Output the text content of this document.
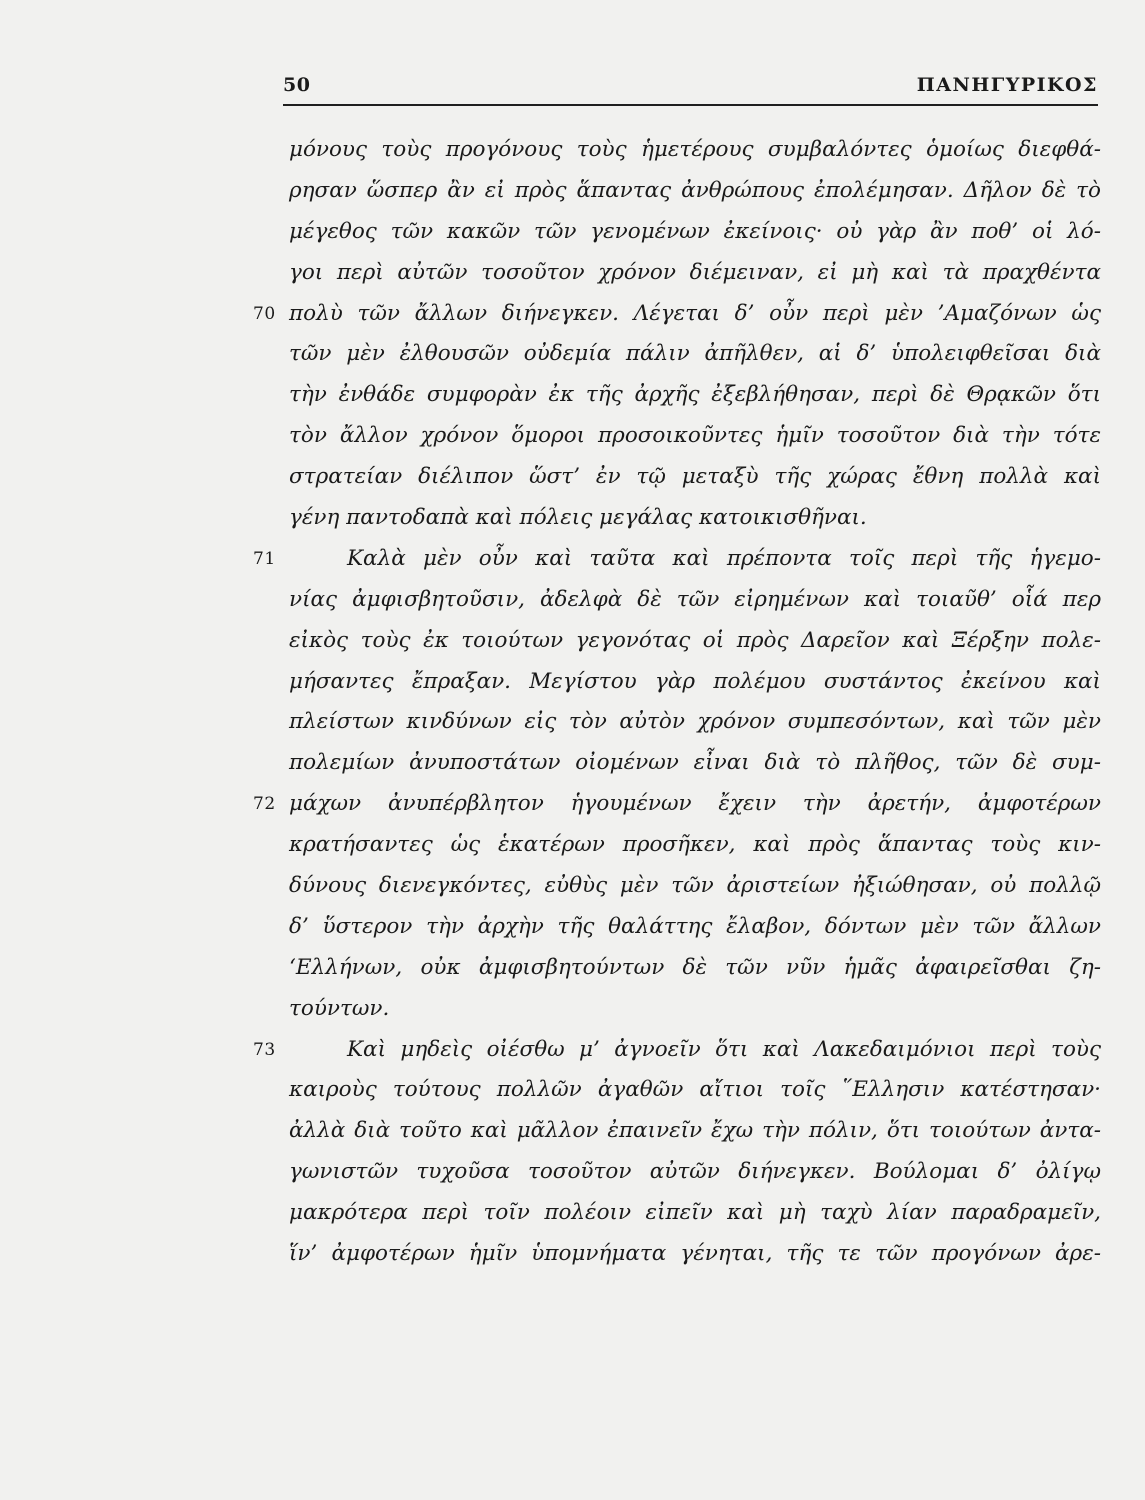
50	ΠΑΝΗΓΥΡΙΚΟΣ
μόνους τοὺς προγόνους τοὺς ἡμετέρους συμβαλόντες ὁμοίως διεφθά-
ρησαν ὥσπερ ἂν εἰ πρὸς ἅπαντας ἀνθρώπους ἐπολέμησαν. Δῆλον δὲ τὸ
μέγεθος τῶν κακῶν τῶν γενομένων ἐκείνοις· οὐ γὰρ ἂν ποθ’ οἱ λό-
γοι περὶ αὐτῶν τοσοῦτον χρόνον διέμειναν, εἰ μὴ καὶ τὰ πραχθέντα
70 πολὺ τῶν ἄλλων διήνεγκεν. Λέγεται δ’ οὖν περὶ μὲν ’Αμαζόνων ὡς
τῶν μὲν ἐλθουσῶν οὐδεμία πάλιν ἀπῆλθεν, αἱ δ’ ὑπολειφθεῖσαι διὰ
τὴν ἐνθάδε συμφορὰν ἐκ τῆς ἀρχῆς ἐξεβλήθησαν, περὶ δὲ Θρᾳκῶν ὅτι
τὸν ἄλλον χρόνον ὅμοροι προσοικοῦντες ἡμῖν τοσοῦτον διὰ τὴν τότε
στρατείαν διέλιπον ὥστ’ ἐν τῷ μεταξὺ τῆς χώρας ἔθνη πολλὰ καὶ
γένη παντοδαπὰ καὶ πόλεις μεγάλας κατοικισθῆναι.
71	Καλὰ μὲν οὖν καὶ ταῦτα καὶ πρέποντα τοῖς περὶ τῆς ἡγεμο-
νίας ἀμφισβητοῦσιν, ἀδελφὰ δὲ τῶν εἰρημένων καὶ τοιαῦθ’ οἷά περ
εἰκὸς τοὺς ἐκ τοιούτων γεγονότας οἱ πρὸς Δαρεῖον καὶ Ξέρξην πολε-
μήσαντες ἔπραξαν. Μεγίστου γὰρ πολέμου συστάντος ἐκείνου καὶ
πλείστων κινδύνων εἰς τὸν αὐτὸν χρόνον συμπεσόντων, καὶ τῶν μὲν
πολεμίων ἀνυποστάτων οἰομένων εἶναι διὰ τὸ πλῆθος, τῶν δὲ συμ-
72 μάχων ἀνυπέρβλητον ἡγουμένων ἔχειν τὴν ἀρετήν, ἀμφοτέρων
κρατήσαντες ὡς ἑκατέρων προσῆκεν, καὶ πρὸς ἅπαντας τοὺς κιν-
δύνους διενεγκόντες, εὐθὺς μὲν τῶν ἀριστείων ἠξιώθησαν, οὐ πολλῷ
δ’ ὕστερον τὴν ἀρχὴν τῆς θαλάττης ἔλαβον, δόντων μὲν τῶν ἄλλων
‘Ελλήνων, οὐκ ἀμφισβητούντων δὲ τῶν νῦν ἡμᾶς ἀφαιρεῖσθαι ζη-
τούντων.
73	Καὶ μηδεὶς οἰέσθω μ’ ἀγνοεῖν ὅτι καὶ Λακεδαιμόνιοι περὶ τοὺς
καιροὺς τούτους πολλῶν ἀγαθῶν αἴτιοι τοῖς ῞Ελλησιν κατέστησαν·
ἀλλὰ διὰ τοῦτο καὶ μᾶλλον ἐπαινεῖν ἔχω τὴν πόλιν, ὅτι τοιούτων ἀντα-
γωνιστῶν τυχοῦσα τοσοῦτον αὐτῶν διήνεγκεν. Βούλομαι δ’ ὀλίγῳ
μακρότερα περὶ τοῖν πολέοιν εἰπεῖν καὶ μὴ ταχὺ λίαν παραδραμεῖν,
ἵν’ ἀμφοτέρων ἡμῖν ὑπομνήματα γένηται, τῆς τε τῶν προγόνων ἀρε-
